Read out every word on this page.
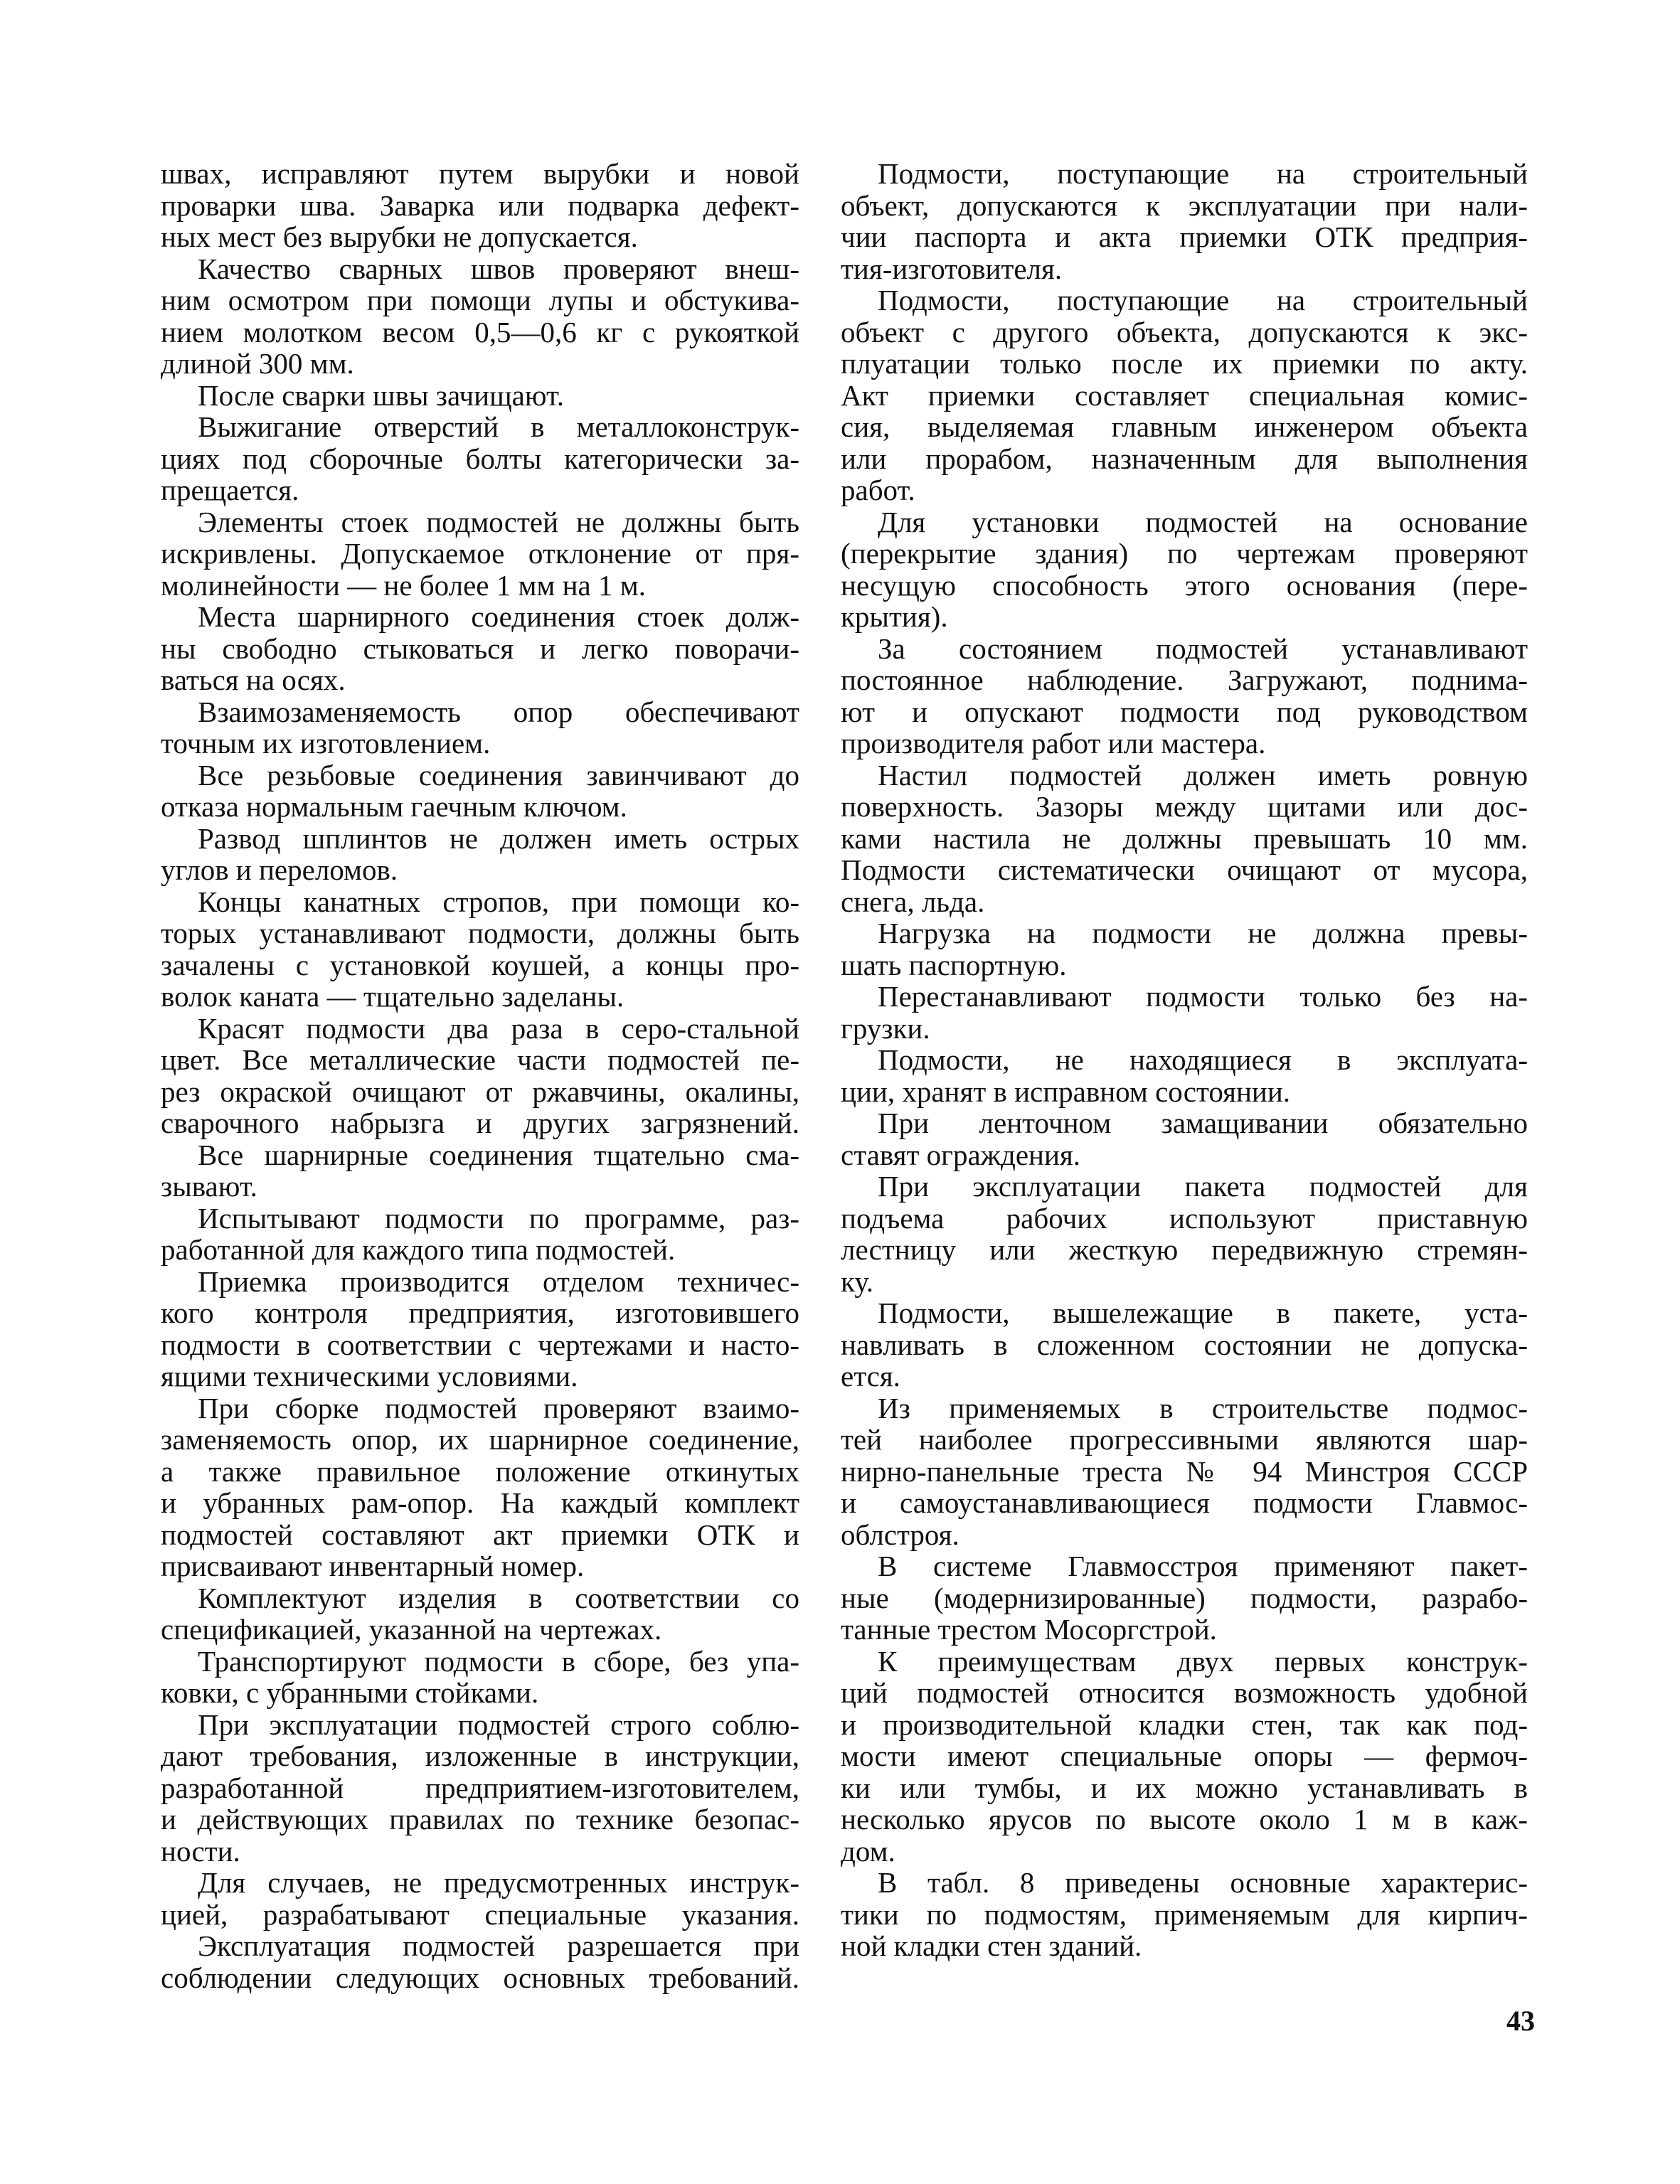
швах, исправляют путем вырубки и новой
проварки шва. Заварка или подварка дефект-
ных мест без вырубки не допускается.
Качество сварных швов проверяют внеш-
ним осмотром при помощи лупы и обстукива-
нием молотком весом 0,5—0,6 кг с рукояткой
длиной 300 мм.
После сварки швы зачищают.
Выжигание отверстий в металлоконструк-
циях под сборочные болты категорически за-
прещается.
Элементы стоек подмостей не должны быть
искривлены. Допускаемое отклонение от пря-
молинейности — не более 1 мм на 1 м.
Места шарнирного соединения стоек долж-
ны свободно стыковаться и легко поворачи-
ваться на осях.
Взаимозаменяемость опор обеспечивают
точным их изготовлением.
Все резьбовые соединения завинчивают до
отказа нормальным гаечным ключом.
Развод шплинтов не должен иметь острых
углов и переломов.
Концы канатных стропов, при помощи ко-
торых устанавливают подмости, должны быть
зачалены с установкой коушей, а концы про-
волок каната — тщательно заделаны.
Красят подмости два раза в серо-стальной
цвет. Все металлические части подмостей пе-
рез окраской очищают от ржавчины, окалины,
сварочного набрызга и других загрязнений.
Все шарнирные соединения тщательно сма-
зывают.
Испытывают подмости по программе, раз-
работанной для каждого типа подмостей.
Приемка производится отделом техничес-
кого контроля предприятия, изготовившего
подмости в соответствии с чертежами и насто-
ящими техническими условиями.
При сборке подмостей проверяют взаимо-
заменяемость опор, их шарнирное соединение,
а также правильное положение откинутых
и убранных рам-опор. На каждый комплект
подмостей составляют акт приемки ОТК и
присваивают инвентарный номер.
Комплектуют изделия в соответствии со
спецификацией, указанной на чертежах.
Транспортируют подмости в сборе, без упа-
ковки, с убранными стойками.
При эксплуатации подмостей строго соблю-
дают требования, изложенные в инструкции,
разработанной предприятием-изготовителем,
и действующих правилах по технике безопас-
ности.
Для случаев, не предусмотренных инструк-
цией, разрабатывают специальные указания.
Эксплуатация подмостей разрешается при
соблюдении следующих основных требований.
Подмости, поступающие на строительный
объект, допускаются к эксплуатации при нали-
чии паспорта и акта приемки ОТК предприя-
тия-изготовителя.
Подмости, поступающие на строительный
объект с другого объекта, допускаются к экс-
плуатации только после их приемки по акту.
Акт приемки составляет специальная комис-
сия, выделяемая главным инженером объекта
или прорабом, назначенным для выполнения
работ.
Для установки подмостей на основание
(перекрытие здания) по чертежам проверяют
несущую способность этого основания (пере-
крытия).
За состоянием подмостей устанавливают
постоянное наблюдение. Загружают, поднима-
ют и опускают подмости под руководством
производителя работ или мастера.
Настил подмостей должен иметь ровную
поверхность. Зазоры между щитами или дос-
ками настила не должны превышать 10 мм.
Подмости систематически очищают от мусора,
снега, льда.
Нагрузка на подмости не должна превы-
шать паспортную.
Перестанавливают подмости только без на-
грузки.
Подмости, не находящиеся в эксплуата-
ции, хранят в исправном состоянии.
При ленточном замащивании обязательно
ставят ограждения.
При эксплуатации пакета подмостей для
подъема рабочих используют приставную
лестницу или жесткую передвижную стремян-
ку.
Подмости, вышележащие в пакете, уста-
навливать в сложенном состоянии не допуска-
ется.
Из применяемых в строительстве подмос-
тей наиболее прогрессивными являются шар-
нирно-панельные треста № 94 Минстроя СССР
и самоустанавливающиеся подмости Главмос-
облстроя.
В системе Главмосстроя применяют пакет-
ные (модернизированные) подмости, разрабо-
танные трестом Мосоргстрой.
К преимуществам двух первых конструк-
ций подмостей относится возможность удобной
и производительной кладки стен, так как под-
мости имеют специальные опоры — фермоч-
ки или тумбы, и их можно устанавливать в
несколько ярусов по высоте около 1 м в каж-
дом.
В табл. 8 приведены основные характерис-
тики по подмостям, применяемым для кирпич-
ной кладки стен зданий.
43
